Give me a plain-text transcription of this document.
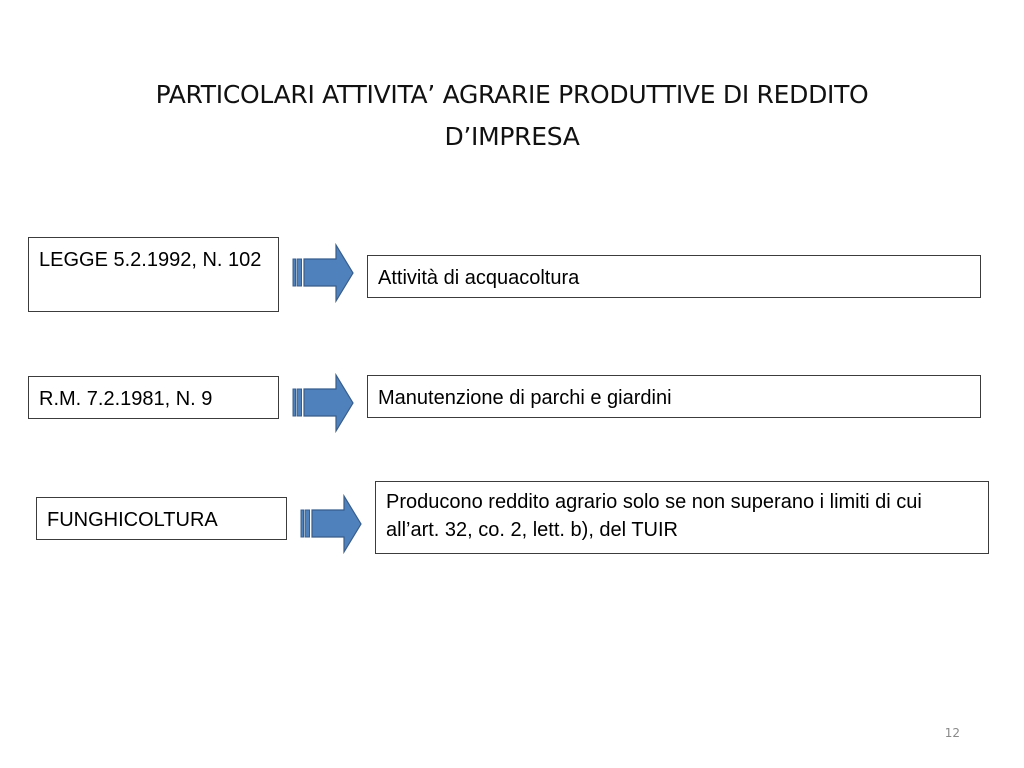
PARTICOLARI ATTIVITA’ AGRARIE PRODUTTIVE DI REDDITO D’IMPRESA
LEGGE 5.2.1992, N. 102
Attività di acquacoltura
R.M. 7.2.1981, N. 9	Manutenzione di parchi e giardini
FUNGHICOLTURA
Producono reddito agrario solo se non superano i limiti di cui all’art. 32, co. 2, lett. b), del TUIR
12
